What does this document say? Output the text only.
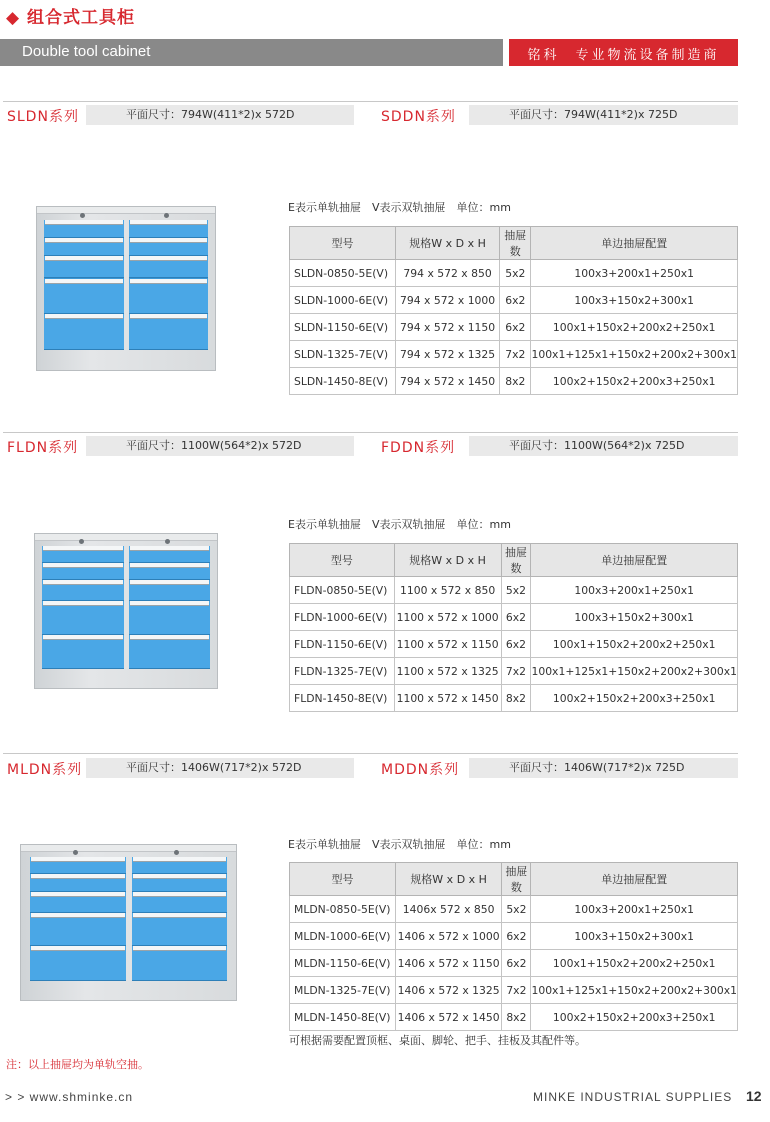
◆ 组合式工具柜
Double tool cabinet	铭科　专业物流设备制造商
SLDN系列	平面尺寸：794W(411*2)x 572D	SDDN系列	平面尺寸：794W(411*2)x 725D
E表示单轨抽屉　V表示双轨抽屉　单位：mm
型号	规格W x D x H	抽屉数	单边抽屉配置
SLDN-0850-5E(V)	794 x 572 x 850	5x2	100x3+200x1+250x1
SLDN-1000-6E(V)	794 x 572 x 1000	6x2	100x3+150x2+300x1
SLDN-1150-6E(V)	794 x 572 x 1150	6x2	100x1+150x2+200x2+250x1
SLDN-1325-7E(V)	794 x 572 x 1325	7x2	100x1+125x1+150x2+200x2+300x1
SLDN-1450-8E(V)	794 x 572 x 1450	8x2	100x2+150x2+200x3+250x1
FLDN系列	平面尺寸：1100W(564*2)x 572D	FDDN系列	平面尺寸：1100W(564*2)x 725D
E表示单轨抽屉　V表示双轨抽屉　单位：mm
型号	规格W x D x H	抽屉数	单边抽屉配置
FLDN-0850-5E(V)	1100 x 572 x 850	5x2	100x3+200x1+250x1
FLDN-1000-6E(V)	1100 x 572 x 1000	6x2	100x3+150x2+300x1
FLDN-1150-6E(V)	1100 x 572 x 1150	6x2	100x1+150x2+200x2+250x1
FLDN-1325-7E(V)	1100 x 572 x 1325	7x2	100x1+125x1+150x2+200x2+300x1
FLDN-1450-8E(V)	1100 x 572 x 1450	8x2	100x2+150x2+200x3+250x1
MLDN系列	平面尺寸：1406W(717*2)x 572D	MDDN系列	平面尺寸：1406W(717*2)x 725D
E表示单轨抽屉　V表示双轨抽屉　单位：mm
型号	规格W x D x H	抽屉数	单边抽屉配置
MLDN-0850-5E(V)	1406x 572 x 850	5x2	100x3+200x1+250x1
MLDN-1000-6E(V)	1406 x 572 x 1000	6x2	100x3+150x2+300x1
MLDN-1150-6E(V)	1406 x 572 x 1150	6x2	100x1+150x2+200x2+250x1
MLDN-1325-7E(V)	1406 x 572 x 1325	7x2	100x1+125x1+150x2+200x2+300x1
MLDN-1450-8E(V)	1406 x 572 x 1450	8x2	100x2+150x2+200x3+250x1
可根据需要配置顶框、桌面、脚轮、把手、挂板及其配件等。
注：以上抽屉均为单轨空抽。
> > www.shminke.cn	MINKE INDUSTRIAL SUPPLIES 12
